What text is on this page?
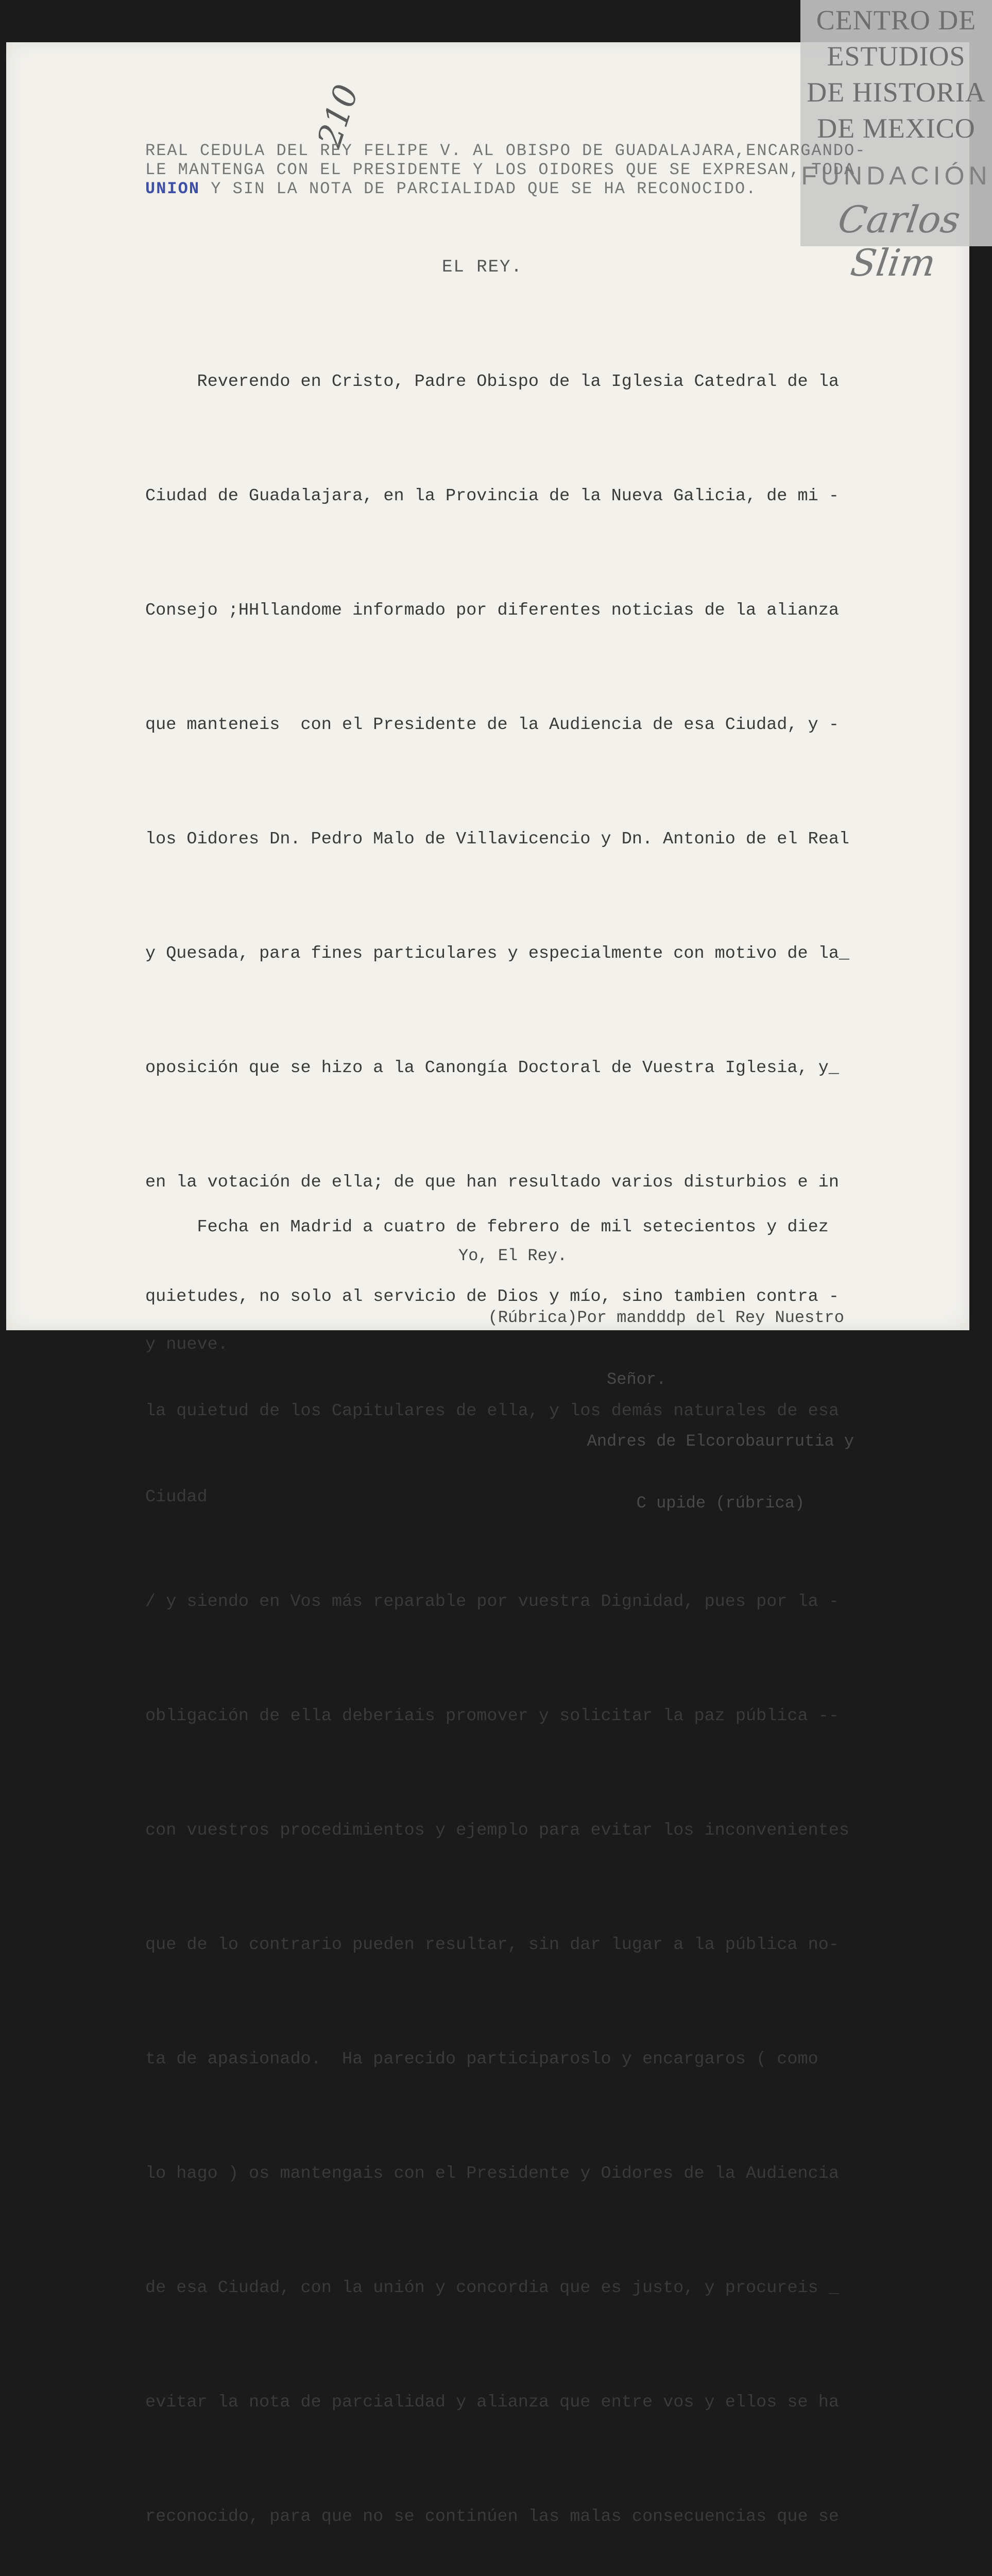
CENTRO DE
ESTUDIOS
DE HISTORIA
DE MEXICO
FUNDACIÓN
Carlos Slim
210
REAL CEDULA DEL REY FELIPE V. AL OBISPO DE GUADALAJARA,ENCARGANDO-
LE MANTENGA CON EL PRESIDENTE Y LOS OIDORES QUE SE EXPRESAN, TODA
UNION Y SIN LA NOTA DE PARCIALIDAD QUE SE HA RECONOCIDO.
EL REY.

Reverendo en Cristo, Padre Obispo de la Iglesia Catedral de la

Ciudad de Guadalajara, en la Provincia de la Nueva Galicia, de mi -

Consejo ;HHllandome informado por diferentes noticias de la alianza

que manteneis  con el Presidente de la Audiencia de esa Ciudad, y -

los Oidores Dn. Pedro Malo de Villavicencio y Dn. Antonio de el Real

y Quesada, para fines particulares y especialmente con motivo de la_

oposición que se hizo a la Canongía Doctoral de Vuestra Iglesia, y_

en la votación de ella; de que han resultado varios disturbios e in

quietudes, no solo al servicio de Dios y mío, sino tambien contra -

la quietud de los Capitulares de ella, y los demás naturales de esa

Ciudad

/ y siendo en Vos más reparable por vuestra Dignidad, pues por la -

obligación de ella deberiais promover y solicitar la paz pública --

con vuestros procedimientos y ejemplo para evitar los inconvenientes

que de lo contrario pueden resultar, sin dar lugar a la pública no-

ta de apasionado.  Ha parecido participaroslo y encargaros ( como

lo hago ) os mantengais con el Presidente y Oidores de la Audiencia

de esa Ciudad, con la unión y concordia que es justo, y procureis _

evitar la nota de parcialidad y alianza que entre vos y ellos se ha

reconocido, para que no se continúen las malas consecuencias que se

Fecha en Madrid a cuatro de febrero de mil setecientos y diez

y nueve.

Yo, El Rey.

(Rúbrica)Por mandddp del Rey Nuestro

Señor.

Andres de Elcorobaurrutia y

C upide (rúbrica)
